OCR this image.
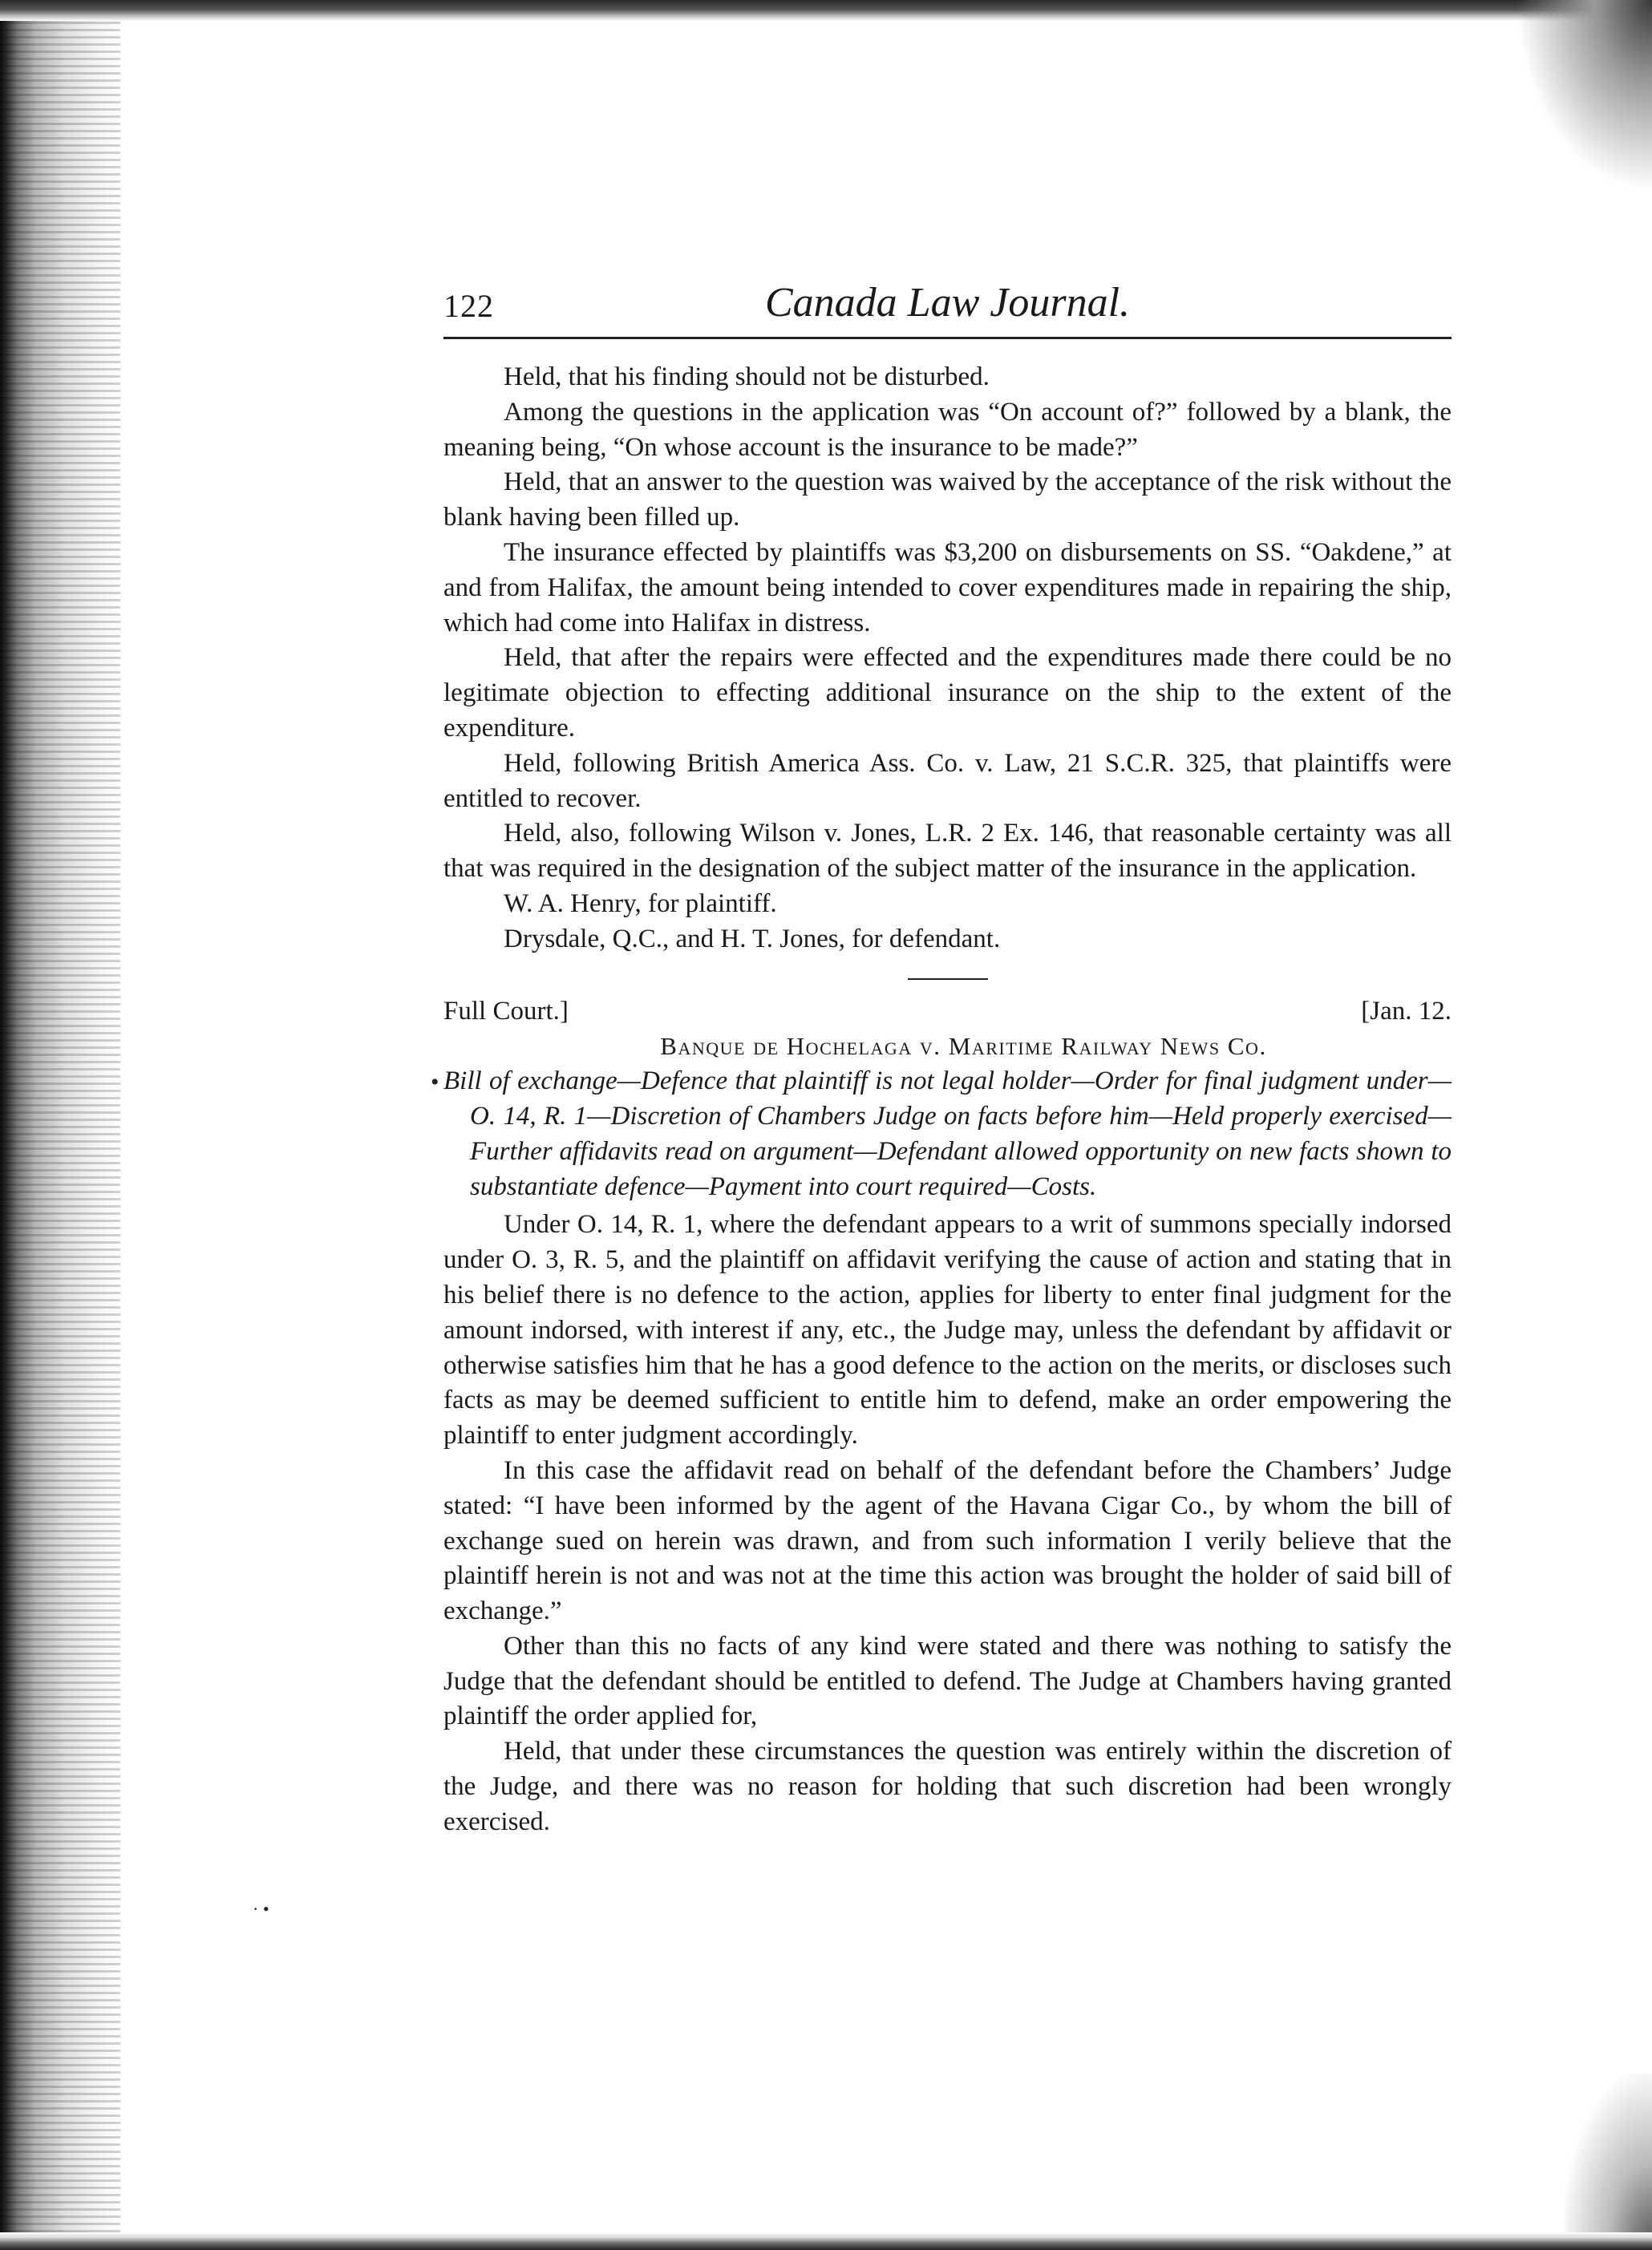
•
· •
122	Canada Law Journal.

Held, that his finding should not be disturbed.

Among the questions in the application was “On account of?” followed by a blank, the meaning being, “On whose account is the insurance to be made?”

Held, that an answer to the question was waived by the acceptance of the risk without the blank having been filled up.

The insurance effected by plaintiffs was $3,200 on disbursements on SS. “Oakdene,” at and from Halifax, the amount being intended to cover expenditures made in repairing the ship, which had come into Halifax in distress.

Held, that after the repairs were effected and the expenditures made there could be no legitimate objection to effecting additional insurance on the ship to the extent of the expenditure.

Held, following British America Ass. Co. v. Law, 21 S.C.R. 325, that plaintiffs were entitled to recover.

Held, also, following Wilson v. Jones, L.R. 2 Ex. 146, that reasonable certainty was all that was required in the designation of the subject matter of the insurance in the application.

W. A. Henry, for plaintiff.

Drysdale, Q.C., and H. T. Jones, for defendant.

Full Court.]	[Jan. 12.
Banque de Hochelaga v. Maritime Railway News Co.
Bill of exchange—Defence that plaintiff is not legal holder—Order for final judgment under—O. 14, R. 1—Discretion of Chambers Judge on facts before him—Held properly exercised—Further affidavits read on argument—Defendant allowed opportunity on new facts shown to substantiate defence—Payment into court required—Costs.

Under O. 14, R. 1, where the defendant appears to a writ of summons specially indorsed under O. 3, R. 5, and the plaintiff on affidavit verifying the cause of action and stating that in his belief there is no defence to the action, applies for liberty to enter final judgment for the amount indorsed, with interest if any, etc., the Judge may, unless the defendant by affidavit or otherwise satisfies him that he has a good defence to the action on the merits, or discloses such facts as may be deemed sufficient to entitle him to defend, make an order empowering the plaintiff to enter judgment accordingly.

In this case the affidavit read on behalf of the defendant before the Chambers’ Judge stated: “I have been informed by the agent of the Havana Cigar Co., by whom the bill of exchange sued on herein was drawn, and from such information I verily believe that the plaintiff herein is not and was not at the time this action was brought the holder of said bill of exchange.”

Other than this no facts of any kind were stated and there was nothing to satisfy the Judge that the defendant should be entitled to defend. The Judge at Chambers having granted plaintiff the order applied for,

Held, that under these circumstances the question was entirely within the discretion of the Judge, and there was no reason for holding that such discretion had been wrongly exercised.
